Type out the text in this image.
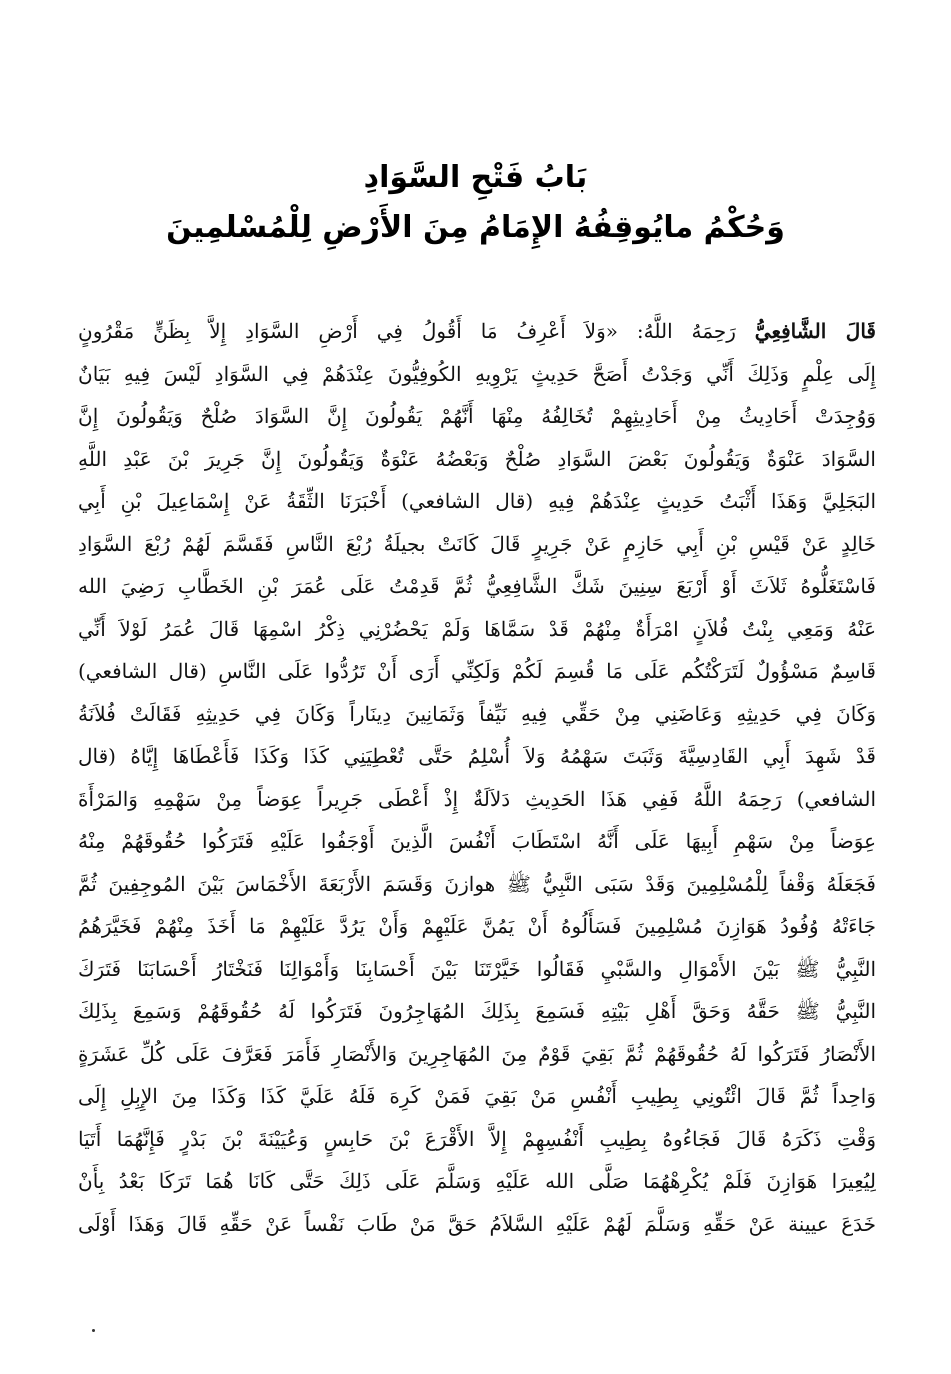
بَابُ فَتْحِ السَّوَادِ
وَحُكْمُ مايُوقِفُهُ الإِمَامُ مِنَ الأَرْضِ لِلْمُسْلمِينَ
قَالَ الشَّافِعِيُّ رَحِمَهُ اللَّهُ: «وَلاَ أَعْرِفُ مَا أَقُولُ فِي أَرْضِ السَّوَادِ إِلاَّ بِظَنٍّ مَقْرُونٍ
إِلَى عِلْمٍ وَذَلِكَ أَنِّي وَجَدْتُ أَصَحَّ حَدِيثٍ يَرْوِيهِ الكُوفِيُّونَ عِنْدَهُمْ فِي السَّوَادِ لَيْسَ فِيهِ بَيَانٌ
وَوُجِدَتْ أَحَادِيثُ مِنْ أَحَادِيثِهِمْ تُخَالِفُهُ مِنْهَا أَنَّهُمْ يَقُولُونَ إِنَّ السَّوَادَ صُلْحٌ وَيَقُولُونَ إِنَّ
السَّوَادَ عَنْوَةٌ وَيَقُولُونَ بَعْضَ السَّوَادِ صُلْحٌ وَبَعْضُهُ عَنْوَةٌ وَيَقُولُونَ إِنَّ جَرِيرَ بْنَ عَبْدِ اللَّهِ
البَجَلِيَّ وَهَذَا أَثْبَتُ حَدِيثٍ عِنْدَهُمْ فِيهِ (قال الشافعي) أَخْبَرَنَا الثِّقَةُ عَنْ إِسْمَاعِيلَ بْنِ أَبِي
خَالِدٍ عَنْ قَيْسِ بْنِ أَبِي حَازِمٍ عَنْ جَرِيرٍ قَالَ كَانَتْ بجيلَةُ رُبْعَ النَّاسِ فَقَسَّمَ لَهُمْ رُبْعَ السَّوَادِ
فَاسْتَغَلُّوهُ ثَلاَثَ أَوْ أَرْبَعَ سِنِينَ شَكَّ الشَّافِعِيُّ ثُمَّ قَدِمْتُ عَلَى عُمَرَ بْنِ الخَطَّابِ رَضِيَ الله
عَنْهُ وَمَعِي بِنْتُ فُلاَنٍ امْرَأَةٌ مِنْهُمْ قَدْ سَمَّاهَا وَلَمْ يَحْضُرْنِي ذِكْرُ اسْمِهَا قَالَ عُمَرُ لَوْلاَ أَنِّي
قَاسِمٌ مَسْؤُولٌ لَتَرَكْتُكُم عَلَى مَا قُسِمَ لَكُمْ وَلَكِنِّي أَرَى أَنْ تَرُدُّوا عَلَى النَّاسِ (قال الشافعي)
وَكَانَ فِي حَدِيثِهِ وَعَاضَنِي مِنْ حَقِّي فِيهِ نَيِّفاً وَثَمَانِينَ دِينَاراً وَكَانَ فِي حَدِيثِهِ فَقَالَتْ فُلاَنَةُ
قَدْ شَهِدَ أَبِي القَادِسِيَّةَ وَثَبَتَ سَهْمُهُ وَلاَ أُسْلِمُ حَتَّى تُعْطِيَنِي كَذَا وَكَذَا فَأَعْطَاهَا إِيَّاهُ (قال
الشافعي) رَحِمَهُ اللَّهُ فَفِي هَذَا الحَدِيثِ دَلاَلَةٌ إِذْ أَعْطَى جَرِيراً عِوَضاً مِنْ سَهْمِهِ وَالمَرْأَةَ
عِوَضاً مِنْ سَهْمِ أَبِيهَا عَلَى أَنَّهُ اسْتَطَابَ أَنْفُسَ الَّذِينَ أَوْجَفُوا عَلَيْهِ فَتَرَكُوا حُقُوقَهُمْ مِنْهُ
فَجَعَلَهُ وَقْفاً لِلْمُسْلِمِينَ وَقَدْ سَبَى النَّبِيُّ ﷺ هوازنَ وَقَسَمَ الأَرْبَعَةَ الأَخْمَاسَ بَيْنَ المُوجِفِينَ ثُمَّ
جَاءَتْهُ وُفُودُ هَوَازِنَ مُسْلِمِينَ فَسَأَلُوهُ أَنْ يَمُنَّ عَلَيْهِمْ وَأَنْ يَرُدَّ عَلَيْهِمْ مَا أَخَذَ مِنْهُمْ فَخَيَّرَهُمُ
النَّبِيُّ ﷺ بَيْنَ الأَمْوَالِ والسَّبْيِ فَقَالُوا خَيَّرْتَنَا بَيْنَ أَحْسَابِنَا وَأَمْوَالِنَا فَنَخْتَارُ أَحْسَابَنَا فَتَرَكَ
النَّبِيُّ ﷺ حَقَّهُ وَحَقَّ أَهْلِ بَيْتِهِ فَسَمِعَ بِذَلِكَ المُهَاجِرُونَ فَتَرَكُوا لَهُ حُقُوقَهُمْ وَسَمِعَ بِذَلِكَ
الأَنْصَارُ فَتَرَكُوا لَهُ حُقُوقَهُمْ ثُمَّ بَقِيَ قَوْمٌ مِنَ المُهَاجِرِينَ وَالأَنْصَارِ فَأَمَرَ فَعَرَّفَ عَلَى كُلِّ عَشَرَةٍ
وَاحِداً ثُمَّ قَالَ ائْتُونِي بِطِيبِ أَنْفُسِ مَنْ بَقِيَ فَمَنْ كَرِهَ فَلَهُ عَلَيَّ كَذَا وَكَذَا مِنَ الإِبِلِ إِلَى
وَقْتِ ذَكَرَهُ قَالَ فَجَاءُوهُ بِطِيبِ أَنْفُسِهِمْ إِلاَّ الأَقْرَعَ بْنَ حَابِسٍ وَعُيَيْنَةَ بْنَ بَدْرٍ فَإِنَّهُمَا أَتَيَا
لِيُعِيرَا هَوَازِنَ فَلَمْ يُكْرِهْهُمَا صَلَّى الله عَلَيْهِ وَسَلَّمَ عَلَى ذَلِكَ حَتَّى كَانَا هُمَا تَرَكَا بَعْدُ بِأَنْ
خَدَعَ عيينة عَنْ حَقِّهِ وَسَلَّمَ لَهُمْ عَلَيْهِ السَّلاَمُ حَقَّ مَنْ طَابَ نَفْساً عَنْ حَقِّهِ قَالَ وَهَذَا أَوْلَى
